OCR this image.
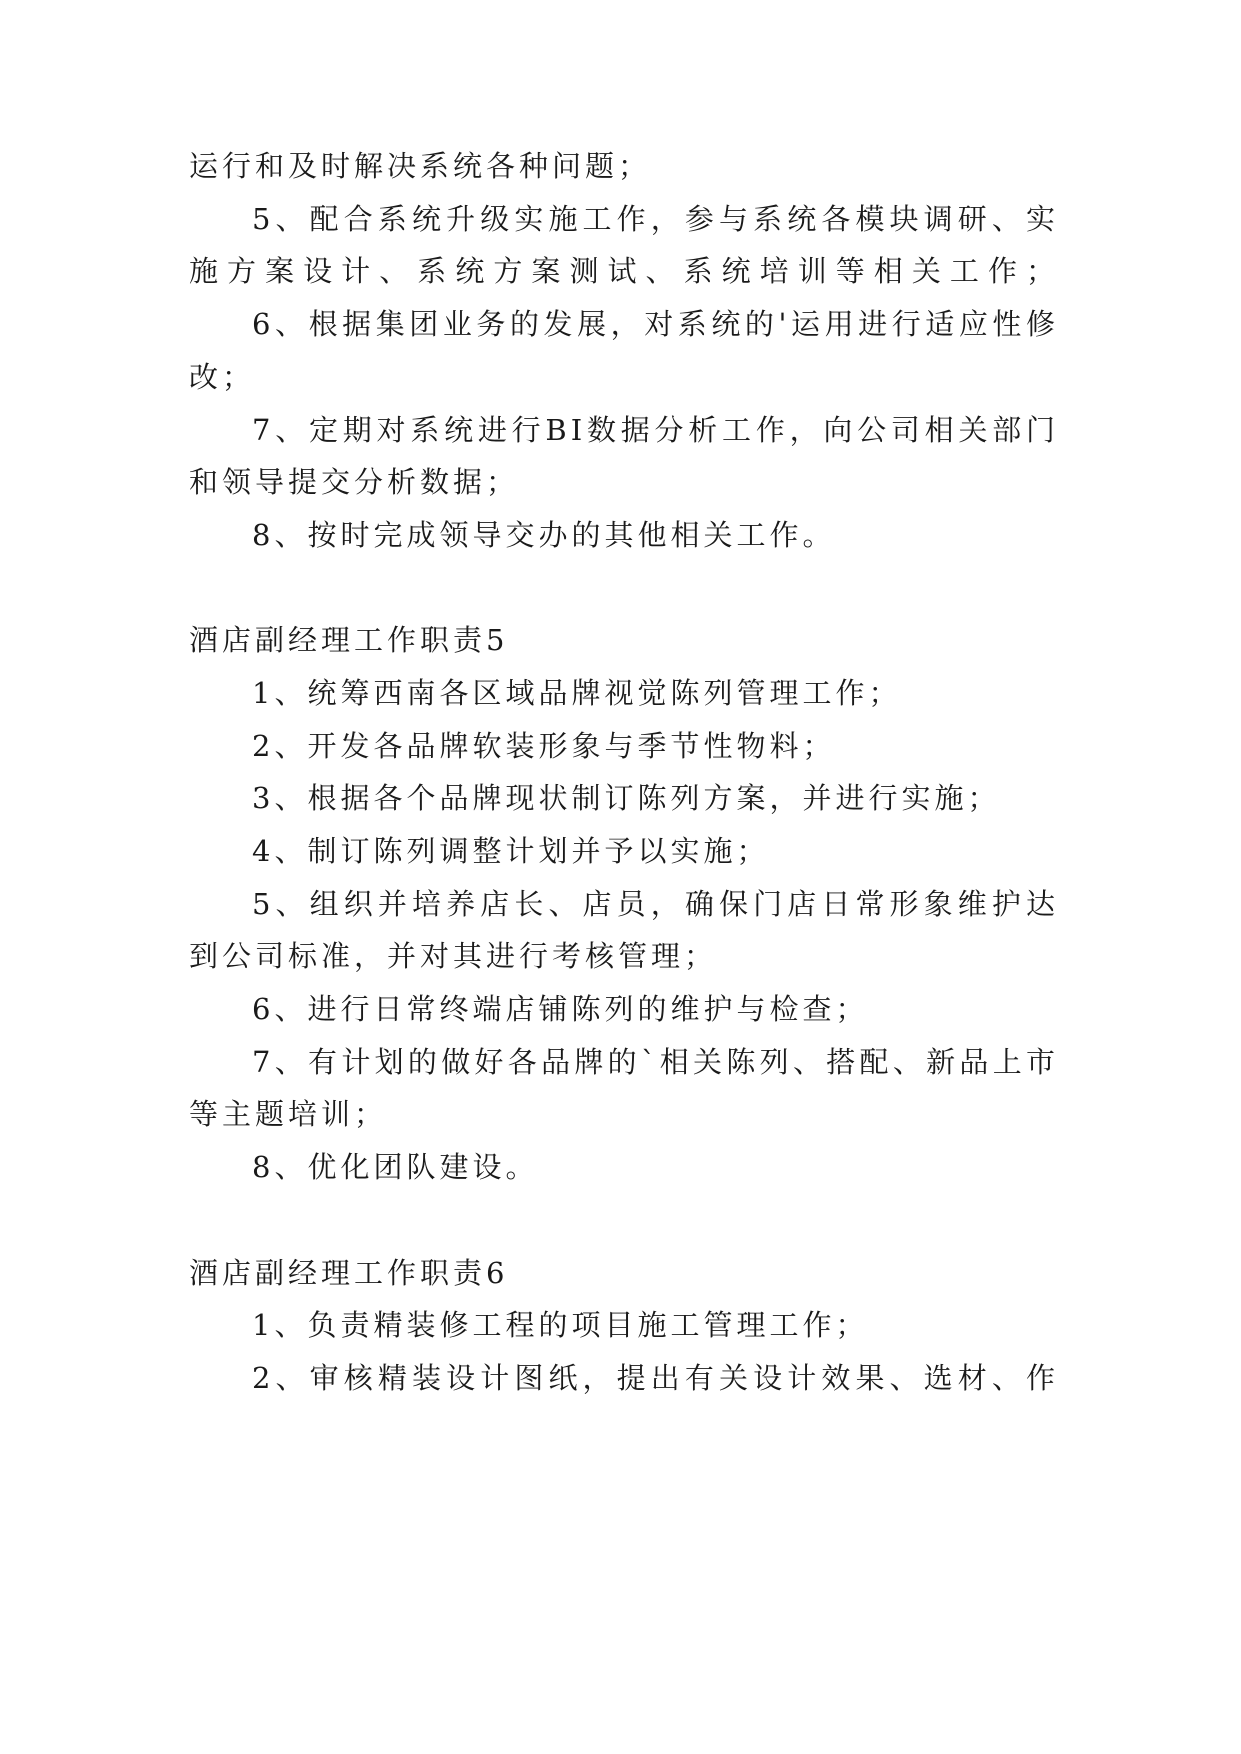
运行和及时解决系统各种问题；
5、配合系统升级实施工作，参与系统各模块调研、实
施方案设计、系统方案测试、系统培训等相关工作；
6、根据集团业务的发展，对系统的'运用进行适应性修
改；
7、定期对系统进行BI数据分析工作，向公司相关部门
和领导提交分析数据；
8、按时完成领导交办的其他相关工作。
酒店副经理工作职责5
1、统筹西南各区域品牌视觉陈列管理工作；
2、开发各品牌软装形象与季节性物料；
3、根据各个品牌现状制订陈列方案，并进行实施；
4、制订陈列调整计划并予以实施；
5、组织并培养店长、店员，确保门店日常形象维护达
到公司标准，并对其进行考核管理；
6、进行日常终端店铺陈列的维护与检查；
7、有计划的做好各品牌的`相关陈列、搭配、新品上市
等主题培训；
8、优化团队建设。
酒店副经理工作职责6
1、负责精装修工程的项目施工管理工作；
2、审核精装设计图纸，提出有关设计效果、选材、作
